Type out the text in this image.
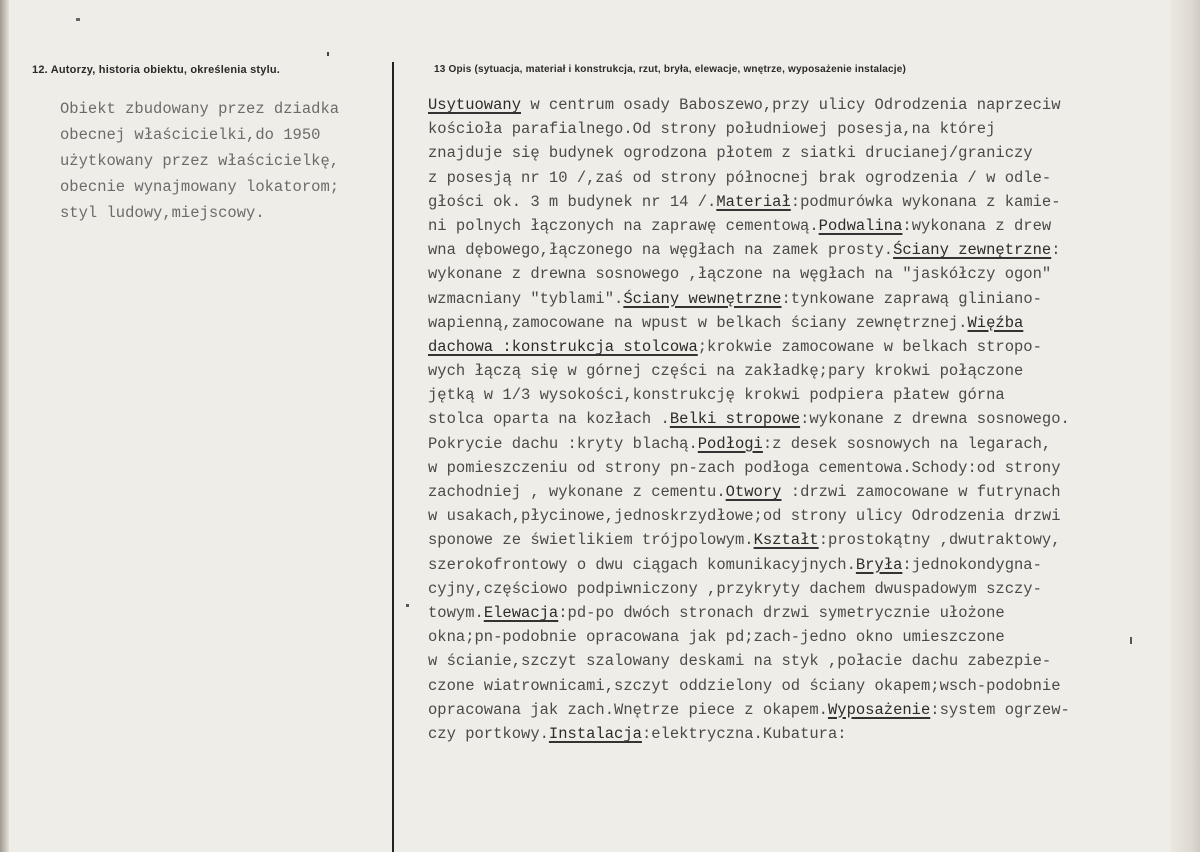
12. Autorzy, historia obiektu, określenia stylu.	13 Opis (sytuacja, materiał i konstrukcja, rzut, bryła, elewacje, wnętrze, wyposażenie instalacje)
Obiekt zbudowany przez dziadka
obecnej właścicielki,do 1950
użytkowany przez właścicielkę,
obecnie wynajmowany lokatorom;
styl ludowy,miejscowy.
Usytuowany w centrum osady Baboszewo,przy ulicy Odrodzenia naprzeciw
kościoła parafialnego.Od strony południowej posesja,na której
znajduje się budynek ogrodzona płotem z siatki drucianej/graniczy
z posesją nr 10 /,zaś od strony północnej brak ogrodzenia / w odle-
głości ok. 3 m budynek nr 14 /.Materiał:podmurówka wykonana z kamie-
ni polnych łączonych na zaprawę cementową.Podwalina:wykonana z drew
wna dębowego,łączonego na węgłach na zamek prosty.Ściany zewnętrzne:
wykonane z drewna sosnowego ,łączone na węgłach na "jaskółczy ogon"
wzmacniany "tyblami".Ściany wewnętrzne:tynkowane zaprawą glinianо-
wapienną,zamocowane na wpust w belkach ściany zewnętrznej.Więźba
dachowa :konstrukcja stolcowa;krokwie zamocowane w belkach stropo-
wych łączą się w górnej części na zakładkę;pary krokwi połączone
jętką w 1/3 wysokości,konstrukcję krokwi podpiera płatew górna
stolca oparta na kozłach .Belki stropowe:wykonane z drewna sosnowego.
Pokrycie dachu :kryty blachą.Podłogi:z desek sosnowych na legarach,
w pomieszczeniu od strony pn-zach podłoga cementowa.Schody:od strony
zachodniej , wykonane z cementu.Otwory :drzwi zamocowane w futrynach
w usakach,płycinowe,jednoskrzydłowe;od strony ulicy Odrodzenia drzwi
sponowe ze świetlikiem trójpolowym.Kształt:prostokątny ,dwutraktowy,
szerokofrontowy o dwu ciągach komunikacyjnych.Bryła:jednokondygna-
cyjny,częściowo podpiwniczony ,przykryty dachem dwuspadowym szczy-
towym.Elewacja:pd-po dwóch stronach drzwi symetrycznie ułożone
okna;pn-podobnie opracowana jak pd;zach-jedno okno umieszczone
w ścianie,szczyt szalowany deskami na styk ,połacie dachu zabezpie-
czone wiatrownicami,szczyt oddzielony od ściany okapem;wsch-podobnie
opracowana jak zach.Wnętrze piece z okapem.Wyposażenie:system ogrzew-
czy portkowy.Instalacja:elektryczna.Kubatura:
